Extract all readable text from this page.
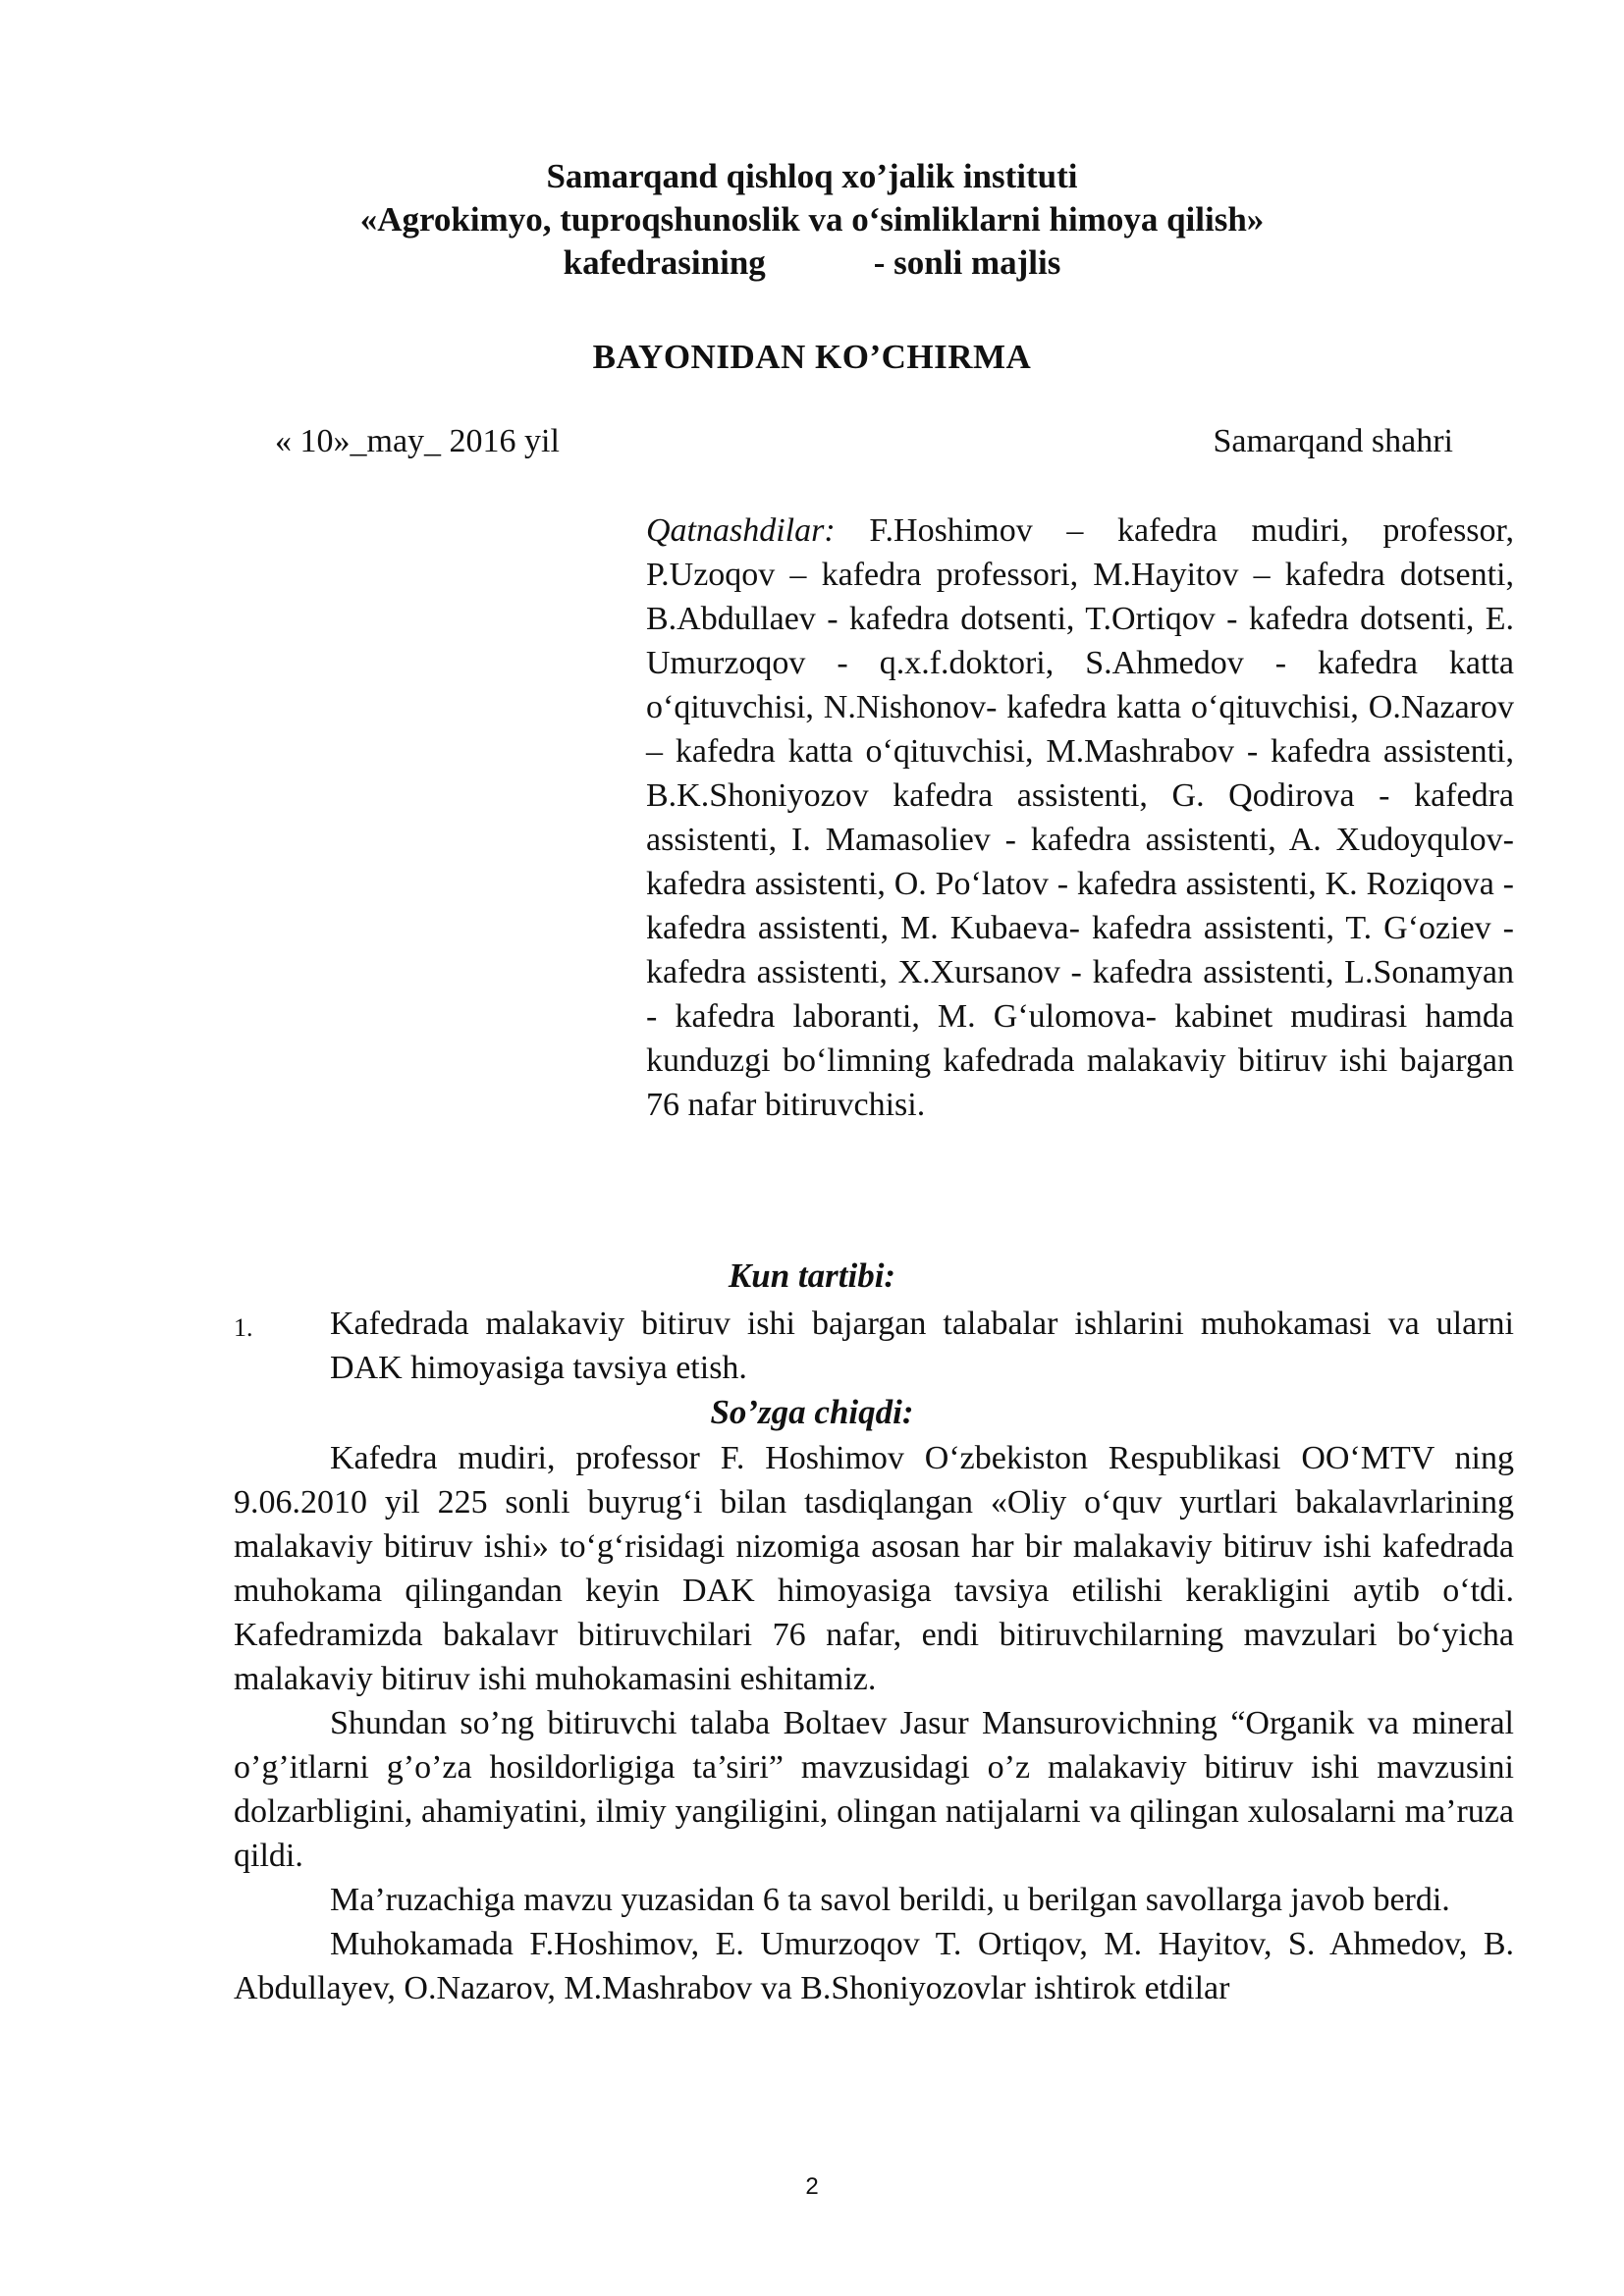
Samarqand qishloq xo’jalik instituti
«Agrokimyo, tuproqshunoslik va o‘simliklarni himoya qilish»
kafedrasining	- sonli majlis
BAYONIDAN KO’CHIRMA
« 10»_may_ 2016 yil	Samarqand shahri
Qatnashdilar: F.Hoshimov – kafedra mudiri, professor, P.Uzoqov – kafedra professori, M.Hayitov – kafedra dotsenti, B.Abdullaev - kafedra dotsenti, T.Ortiqov - kafedra dotsenti, E. Umurzoqov - q.x.f.doktori, S.Ahmedov - kafedra katta o‘qituvchisi, N.Nishonov- kafedra katta o‘qituvchisi, O.Nazarov – kafedra katta o‘qituvchisi, M.Mashrabov - kafedra assistenti, B.K.Shoniyozov kafedra assistenti, G. Qodirova - kafedra assistenti, I. Mamasoliev - kafedra assistenti, A. Xudoyqulov- kafedra assistenti, O. Po‘latov - kafedra assistenti, K. Roziqova - kafedra assistenti, M. Kubaeva- kafedra assistenti, T. G‘oziev - kafedra assistenti, X.Xursanov - kafedra assistenti, L.Sonamyan - kafedra laboranti, M. G‘ulomova- kabinet mudirasi hamda kunduzgi bo‘limning kafedrada malakaviy bitiruv ishi bajargan 76 nafar bitiruvchisi.
Kun tartibi:
1. Kafedrada malakaviy bitiruv ishi bajargan talabalar ishlarini muhokamasi va ularni DAK himoyasiga tavsiya etish.
So’zga chiqdi:

Kafedra mudiri, professor F. Hoshimov O‘zbekiston Respublikasi OO‘MTV ning 9.06.2010 yil 225 sonli buyrug‘i bilan tasdiqlangan «Oliy o‘quv yurtlari bakalavrlarining malakaviy bitiruv ishi» to‘g‘risidagi nizomiga asosan har bir malakaviy bitiruv ishi kafedrada muhokama qilingandan keyin DAK himoyasiga tavsiya etilishi kerakligini aytib o‘tdi. Kafedramizda bakalavr bitiruvchilari 76 nafar, endi bitiruvchilarning mavzulari bo‘yicha malakaviy bitiruv ishi muhokamasini eshitamiz.

Shundan so’ng bitiruvchi talaba Boltaev Jasur Mansurovichning “Organik va mineral o’g’itlarni g’o’za hosildorligiga ta’siri” mavzusidagi o’z malakaviy bitiruv ishi mavzusini dolzarbligini, ahamiyatini, ilmiy yangiligini, olingan natijalarni va qilingan xulosalarni ma’ruza qildi.

Ma’ruzachiga mavzu yuzasidan 6 ta savol berildi, u berilgan savollarga javob berdi.

Muhokamada F.Hoshimov, E. Umurzoqov T. Ortiqov, M. Hayitov, S. Ahmedov, B. Abdullayev, O.Nazarov, M.Mashrabov va B.Shoniyozovlar ishtirok etdilar

2
